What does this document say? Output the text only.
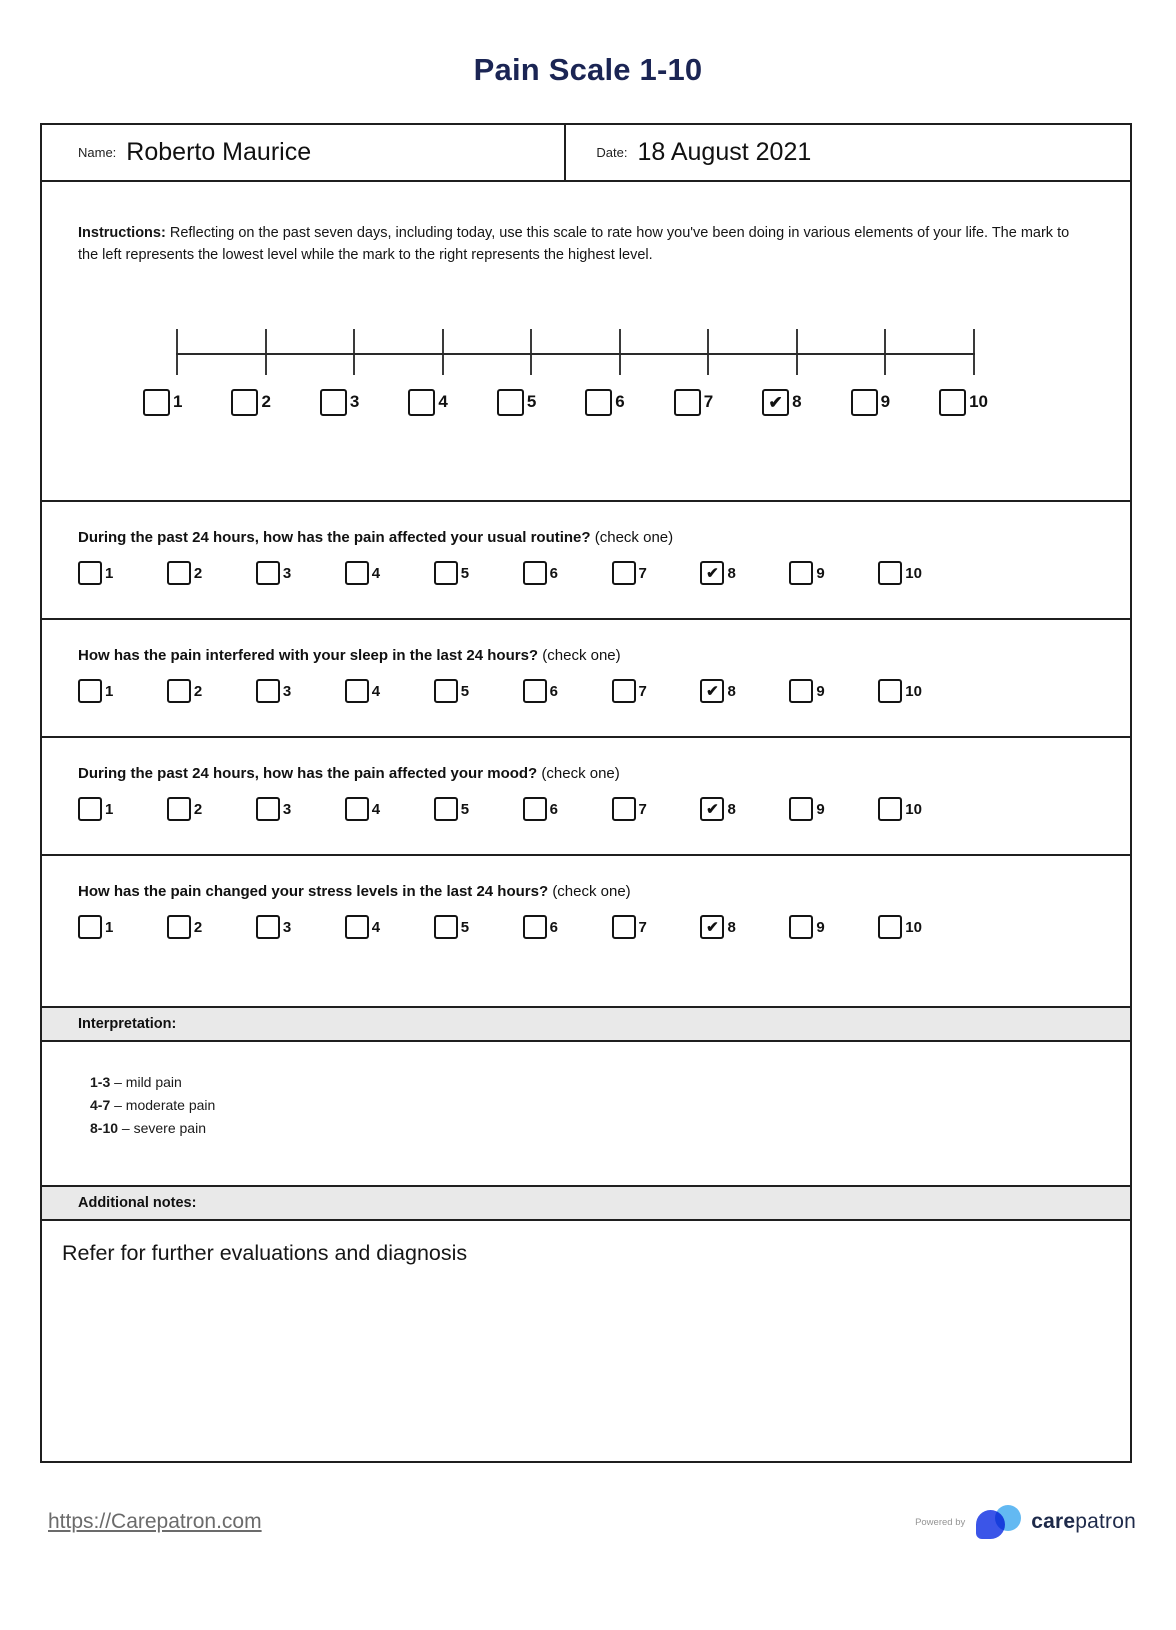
Pain Scale 1-10
Name: Roberto Maurice	Date: 18 August 2021

Instructions: Reflecting on the past seven days, including today, use this scale to rate how you've been doing in various elements of your life. The mark to the left represents the lowest level while the mark to the right represents the highest level.

1	2	3	4	5	6	7	✔ 8	9	10
During the past 24 hours, how has the pain affected your usual routine? (check one)
1	2	3	4	5	6	7	✔ 8	9	10
How has the pain interfered with your sleep in the last 24 hours? (check one)
1	2	3	4	5	6	7	✔ 8	9	10
During the past 24 hours, how has the pain affected your mood? (check one)
1	2	3	4	5	6	7	✔ 8	9	10
How has the pain changed your stress levels in the last 24 hours? (check one)
1	2	3	4	5	6	7	✔ 8	9	10
Interpretation:
1-3 – mild pain
4-7 – moderate pain
8-10 – severe pain
Additional notes:
Refer for further evaluations and diagnosis
https://Carepatron.com	Powered by	carepatron
